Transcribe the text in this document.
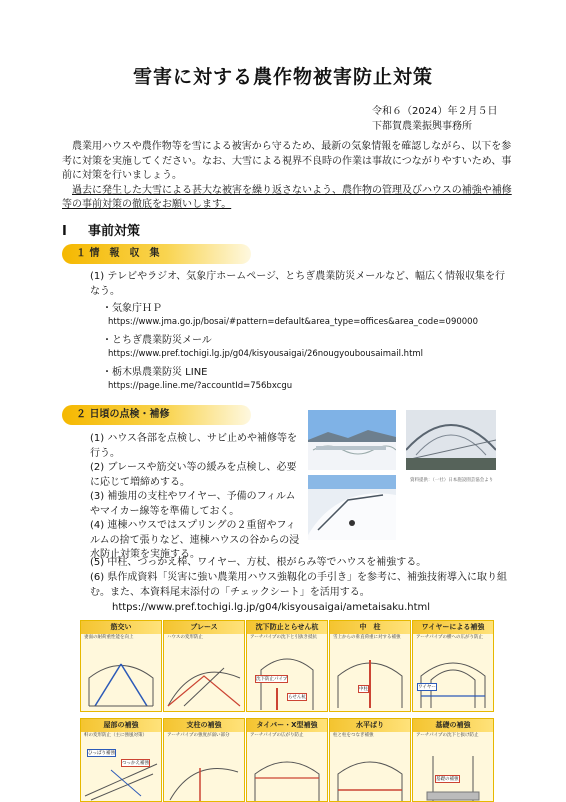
雪害に対する農作物被害防止対策
令和６（2024）年２月５日
下都賀農業振興事務所

農業用ハウスや農作物等を雪による被害から守るため、最新の気象情報を確認しながら、以下を参考に対策を実施してください。なお、大雪による視界不良時の作業は事故につながりやすいため、事前に対策を行いましょう。

過去に発生した大雪による甚大な被害を繰り返さないよう、農作物の管理及びハウスの補強や補修等の事前対策の徹底をお願いします。

Ⅰ 事前対策
１ 情　報　収　集
(1) テレビやラジオ、気象庁ホームページ、とちぎ農業防災メールなど、幅広く情報収集を行なう。
・気象庁ＨＰ
https://www.jma.go.jp/bosai/#pattern=default&area_type=offices&area_code=090000
・とちぎ農業防災メール
https://www.pref.tochigi.lg.jp/g04/kisyousaigai/26nougyoubousaimail.html
・栃木県農業防災 LINE
https://page.line.me/?accountId=756bxcgu
２ 日頃の点検・補修
(1) ハウス各部を点検し、サビ止めや補修等を行う。
(2) ブレースや筋交い等の緩みを点検し、必要に応じて増締めする。
(3) 補強用の支柱やワイヤー、予備のフィルムやマイカー線等を準備しておく。
(4) 連棟ハウスではスプリングの２重留やフィルムの捨て張りなど、連棟ハウスの谷からの浸水防止対策を実施する。
(5) 中柱、つっかえ棒、ワイヤー、方杖、根がらみ等でハウスを補強する。
(6) 県作成資料「災害に強い農業用ハウス強靱化の手引き」を参考に、補強技術導入に取り組む。また、本資料尾末添付の「チェックシート」を活用する。
https://www.pref.tochigi.lg.jp/g04/kisyousaigai/ametaisaku.html
資料提供：（一社）日本施設園芸協会より
筋交い
妻面の耐荷重性能を向上
ブレース
ハウスの変形防止
沈下防止とらせん杭
アーチパイプの沈下と引抜き抵抗
沈下防止パイプ
らせん杭
中　柱
雪上からの垂直荷重に対する補強
中柱
ワイヤーによる補強
アーチパイプの横への広がり防止
ワイヤー
屋部の補強
軒の変形防止（主に強風対策）
ひっぱり補強
つっかえ補強
支柱の補強
アーチパイプの強度が弱い部分
タイバー・X型補強
アーチパイプの広がり防止
水平ばり
柱と柱をつなぎ補強
基礎の補強
アーチパイプの沈下と抜け防止
基礎の補強
